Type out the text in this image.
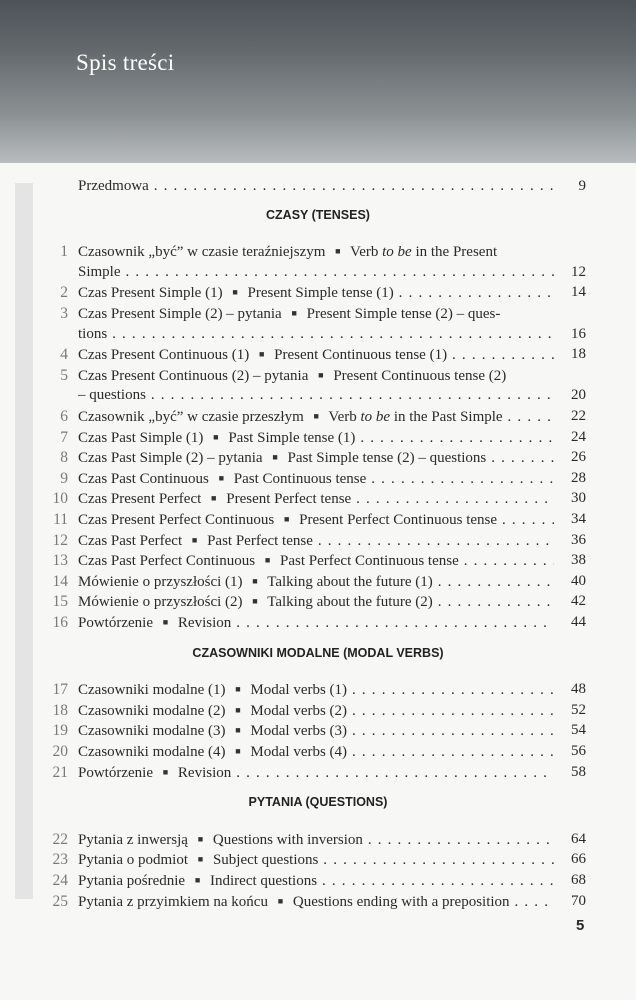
Spis treści
Przedmowa . . .	9
CZASY (TENSES)
1 Czasownik „być” w czasie teraźniejszym ■ Verb to be in the Present
Simple . . .	12
2 Czas Present Simple (1) ■ Present Simple tense (1) . . .	14
3 Czas Present Simple (2) – pytania ■ Present Simple tense (2) – ques-
tions . . .	16
4 Czas Present Continuous (1) ■ Present Continuous tense (1) . . .	18
5 Czas Present Continuous (2) – pytania ■ Present Continuous tense (2)
– questions . . .	20
6 Czasownik „być” w czasie przeszłym ■ Verb to be in the Past Simple . . .	22
7 Czas Past Simple (1) ■ Past Simple tense (1) . . .	24
8 Czas Past Simple (2) – pytania ■ Past Simple tense (2) – questions . . .	26
9 Czas Past Continuous ■ Past Continuous tense . . .	28
10 Czas Present Perfect ■ Present Perfect tense . . .	30
11 Czas Present Perfect Continuous ■ Present Perfect Continuous tense . . .	34
12 Czas Past Perfect ■ Past Perfect tense . . .	36
13 Czas Past Perfect Continuous ■ Past Perfect Continuous tense . . .	38
14 Mówienie o przyszłości (1) ■ Talking about the future (1) . . .	40
15 Mówienie o przyszłości (2) ■ Talking about the future (2) . . .	42
16 Powtórzenie ■ Revision . . .	44
CZASOWNIKI MODALNE (MODAL VERBS)
17 Czasowniki modalne (1) ■ Modal verbs (1) . . .	48
18 Czasowniki modalne (2) ■ Modal verbs (2) . . .	52
19 Czasowniki modalne (3) ■ Modal verbs (3) . . .	54
20 Czasowniki modalne (4) ■ Modal verbs (4) . . .	56
21 Powtórzenie ■ Revision . . .	58
PYTANIA (QUESTIONS)
22 Pytania z inwersją ■ Questions with inversion . . .	64
23 Pytania o podmiot ■ Subject questions . . .	66
24 Pytania pośrednie ■ Indirect questions . . .	68
25 Pytania z przyimkiem na końcu ■ Questions ending with a preposition . . .	70
5
